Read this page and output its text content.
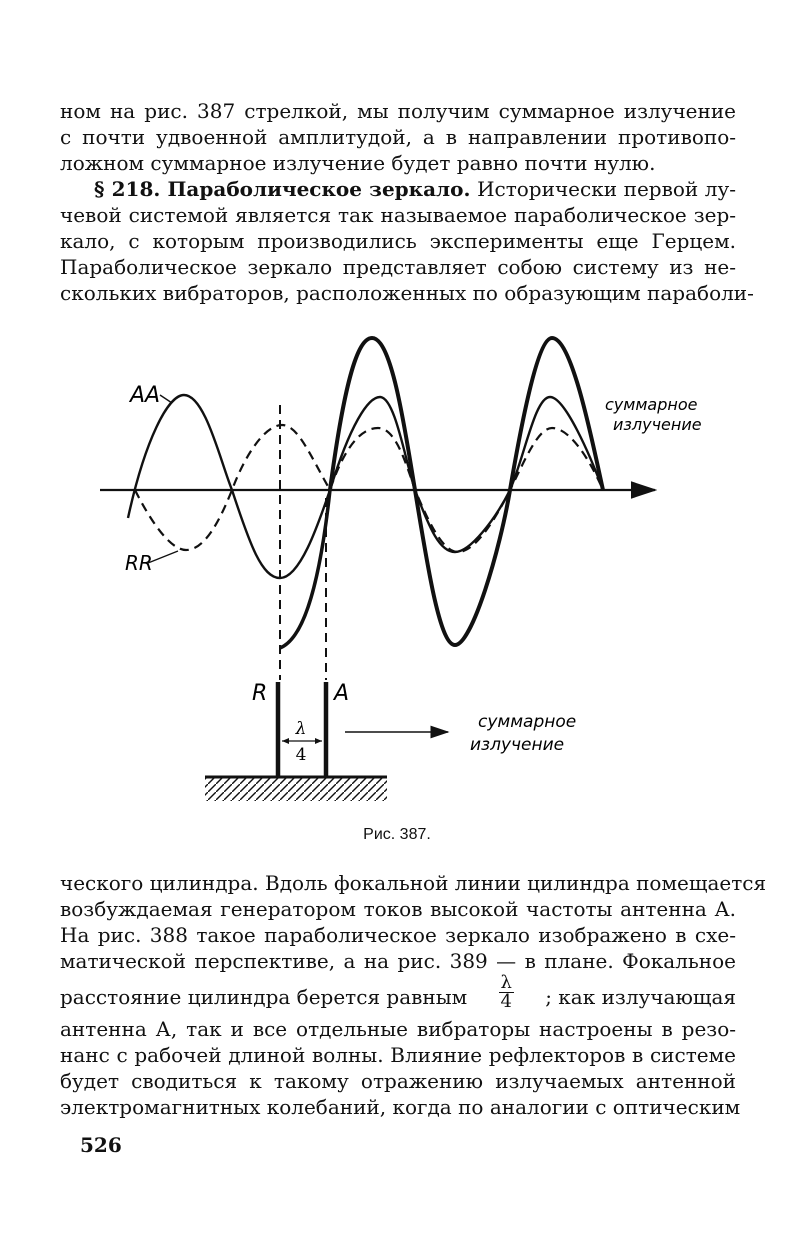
ном на рис. 387 стрелкой, мы получим суммарное излучение
с почти удвоенной амплитудой, а в направлении противопо-
ложном суммарное излучение будет равно почти нулю.
§ 218. Параболическое зеркало. Исторически первой лу-
чевой системой является так называемое параболическое зер-
кало, с которым производились эксперименты еще Герцем.
Параболическое зеркало представляет собою систему из не-
скольких вибраторов, расположенных по образующим параболи-
λ
4
AA
RR
R	A
суммарное
излучение
суммарное
излучение
Рис. 387.
ческого цилиндра. Вдоль фокальной линии цилиндра помещается
возбуждаемая генератором токов высокой частоты антенна А.
На рис. 388 такое параболическое зеркало изображено в схе-
матической перспективе, а на рис. 389 — в плане. Фокальное
расстояние цилиндра берется равным $\frac{\lambda}{4}$ ; как излучающая
антенна А, так и все отдельные вибраторы настроены в резо-
нанс с рабочей длиной волны. Влияние рефлекторов в системе
будет сводиться к такому отражению излучаемых антенной
электромагнитных колебаний, когда по аналогии с оптическим
526
